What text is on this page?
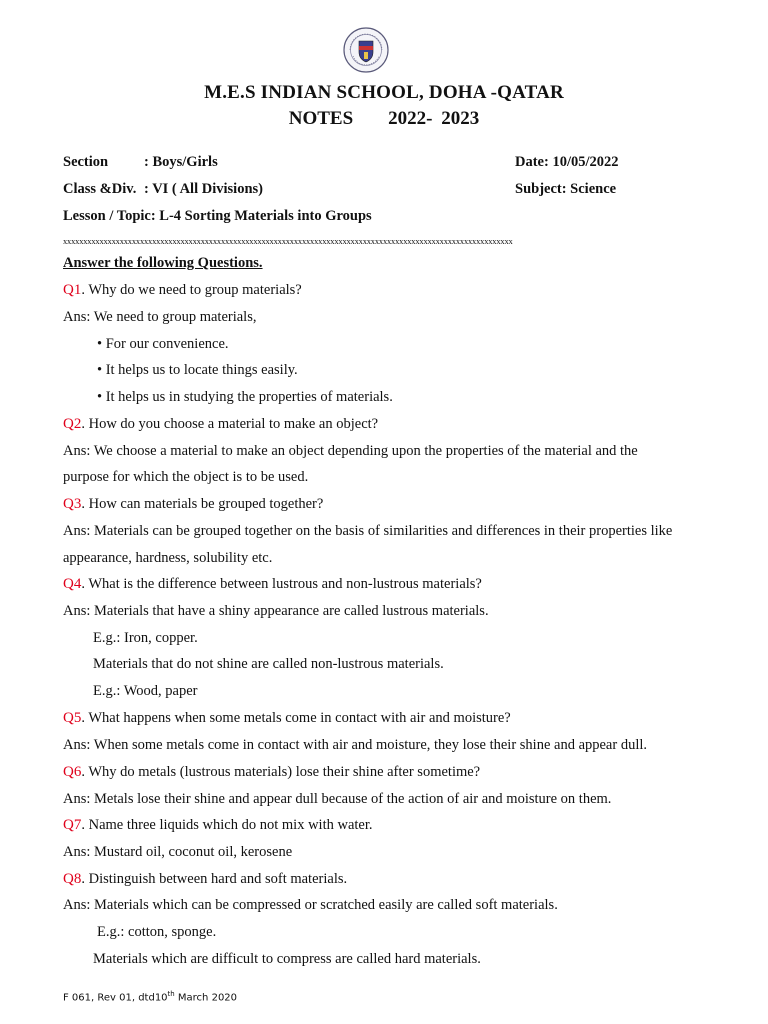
M.E.S INDIAN SCHOOL, DOHA -QATAR
NOTES    2022- 2023
Section : Boys/Girls	Date: 10/05/2022
Class &Div. : VI ( All Divisions)	Subject: Science
Lesson / Topic: L-4 Sorting Materials into Groups
xxxxxxxxxxxxxxxxxxxxxxxxxxxxxxxxxxxxxxxxxxxxxxxxxxxxxxxxxxxxxxxxxxxxxxxxxxxxxxxxxxxxxxxxxxxxxxxxxxxxxxxxxxxxxxx
Answer the following Questions.
Q1. Why do we need to group materials?
Ans: We need to group materials,
• For our convenience.
• It helps us to locate things easily.
• It helps us in studying the properties of materials.
Q2. How do you choose a material to make an object?
Ans: We choose a material to make an object depending upon the properties of the material and the
purpose for which the object is to be used.
Q3. How can materials be grouped together?
Ans: Materials can be grouped together on the basis of similarities and differences in their properties like
appearance, hardness, solubility etc.
Q4. What is the difference between lustrous and non-lustrous materials?
Ans: Materials that have a shiny appearance are called lustrous materials.
E.g.: Iron, copper.
Materials that do not shine are called non-lustrous materials.
E.g.: Wood, paper
Q5. What happens when some metals come in contact with air and moisture?
Ans: When some metals come in contact with air and moisture, they lose their shine and appear dull.
Q6. Why do metals (lustrous materials) lose their shine after sometime?
Ans: Metals lose their shine and appear dull because of the action of air and moisture on them.
Q7. Name three liquids which do not mix with water.
Ans: Mustard oil, coconut oil, kerosene
Q8. Distinguish between hard and soft materials.
Ans: Materials which can be compressed or scratched easily are called soft materials.
E.g.: cotton, sponge.
Materials which are difficult to compress are called hard materials.
F 061, Rev 01, dtd10th March 2020
